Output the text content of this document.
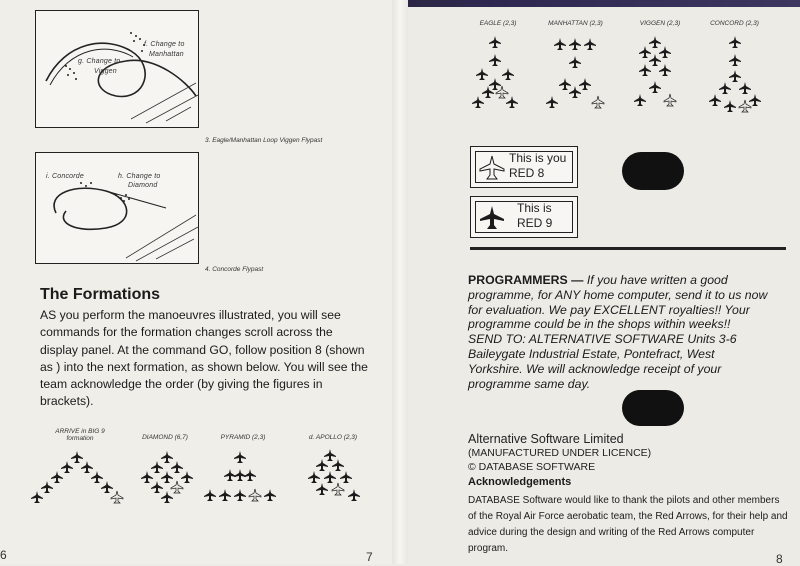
f. Change to
Manhattan
g. Change to
Viggen
3. Eagle/Manhattan Loop Viggen Flypast
i. Concorde	h. Change to
Diamond
4. Concorde Flypast
The Formations
AS you perform the manoeuvres illustrated, you will see commands for the formation changes scroll across the display panel. At the command GO, follow position 8 (shown as ) into the next formation, as shown below. You will see the team acknowledge the order (by giving the figures in brackets).
ARRIVE in BIG 9 formation	DIAMOND (6,7)	PYRAMID (2,3)	d. APOLLO (2,3)
6	7
EAGLE (2,3)	MANHATTAN (2,3)	VIGGEN (2,3)	CONCORD (2,3)
This is you
RED 8
This is
RED 9
PROGRAMMERS — If you have written a good programme, for ANY home computer, send it to us now for evaluation. We pay EXCELLENT royalties!! Your programme could be in the shops within weeks!! SEND TO: ALTERNATIVE SOFTWARE Units 3-6 Baileygate Industrial Estate, Pontefract, West Yorkshire. We will acknowledge receipt of your programme same day.
Alternative Software Limited
(MANUFACTURED UNDER LICENCE)
© DATABASE SOFTWARE
Acknowledgements
DATABASE Software would like to thank the pilots and other members of the Royal Air Force aerobatic team, the Red Arrows, for their help and advice during the design and writing of the Red Arrows computer program.
8
